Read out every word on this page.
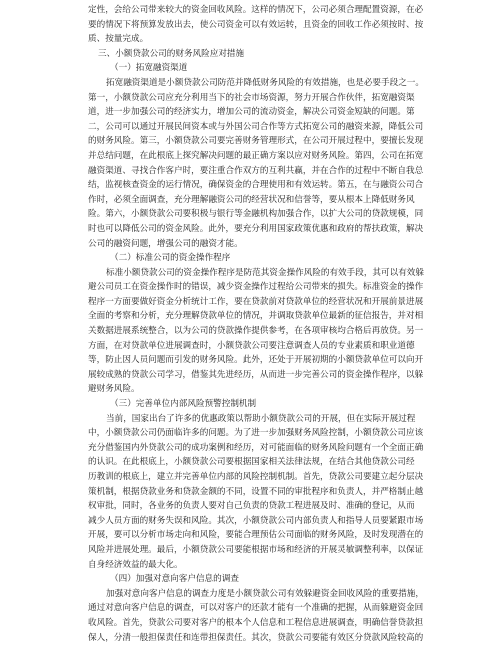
定性，会给公司带来较大的资金回收风险。这样的情况下，公司必须合理配置资源，在必
要的情况下将预算发放出去，使公司资金可以有效运转，且资金的回收工作必须按时、按
质、按量完成。
三、小额贷款公司的财务风险应对措施
（一）拓宽融资渠道
拓宽融资渠道是小额贷款公司防范并降低财务风险的有效措施，也是必要手段之一。
第一，小额贷款公司应充分利用当下的社会市场资源，努力开展合作伙伴，拓宽融资渠
道，进一步加强公司的经济实力，增加公司的流动资金，解决公司资金短缺的问题。第
二，公司可以通过开展民间资本或与外国公司合作等方式拓宽公司的融资来源，降低公司
的财务风险。第三，小额贷款公司要完善财务管理形式，在公司开展过程中，要擅长发现
并总结问题，在此根底上探究解决问题的最正确方案以应对财务风险。第四，公司在拓宽
融资渠道、寻找合作客户时，要注重合作双方的互利共赢，并在合作的过程中不断自我总
结，监视核查资金的运行情况，确保资金的合理使用和有效运转。第五，在与融资公司合
作时，必须全面调查，充分理解融资公司的经营状况和信誉等，要从根本上降低财务风
险。第六，小额贷款公司要积极与银行等金融机构加强合作，以扩大公司的贷款规模，同
时也可以降低公司的资金风险。此外，要充分利用国家政策优惠和政府的帮扶政策，解决
公司的融资问题，增强公司的融资才能。
（二）标准公司的资金操作程序
标准小额贷款公司的资金操作程序是防范其资金操作风险的有效手段，其可以有效躲
避公司员工在资金操作时的错误，减少资金操作过程给公司带来的损失。标准资金的操作
程序一方面要做好资金分析统计工作，要在贷款前对贷款单位的经营状况和开展前景进展
全面的考察和分析，充分理解贷款单位的情况，并调取贷款单位最新的征信报告，并对相
关数据进展系统整合，以为公司的贷款操作提供参考，在各项审核均合格后再放贷。另一
方面，在对贷款单位进展调查时，小额贷款公司要注意调查人员的专业素质和职业道德
等，防止因人员问题而引发的财务风险。此外，还处于开展初期的小额贷款单位可以向开
展较成熟的贷款公司学习，借鉴其先进经历，从而进一步完善公司的资金操作程序，以躲
避财务风险。
（三）完善单位内部风险预警控制机制
当前，国家出台了许多的优惠政策以帮助小额贷款公司的开展，但在实际开展过程
中，小额贷款公司仍面临许多的问题。为了进一步加强财务风险控制，小额贷款公司应该
充分借鉴国内外贷款公司的成功案例和经历，对可能面临的财务风险问题有一个全面正确
的认识。在此根底上，小额贷款公司要根据国家相关法律法规，在结合其他贷款公司经
历教训的根底上，建立并完善单位内部的风险控制机制。首先，贷款公司要建立起分层决
策机制，根据贷款业务和贷款金额的不同，设置不同的审批程序和负责人，并严格制止越
权审批，同时，各业务的负责人要对自己负责的贷款工程进展及时、准确的登记，从而
减少人员方面的财务失误和风险。其次，小额贷款公司内部负责人和指导人员要紧跟市场
开展，要可以分析市场走向和风险，要能合理预估公司面临的财务风险，及时发现潜在的
风险并进展处理。最后，小额贷款公司要能根据市场和经济的开展灵敏调整利率，以保证
自身经济效益的最大化。
（四）加强对意向客户信息的调查
加强对意向客户信息的调查力度是小额贷款公司有效躲避资金回收风险的重要措施，
通过对意向客户信息的调查，可以对客户的还款才能有一个准确的把握，从而躲避资金回
收风险。首先，贷款公司要对客户的根本个人信息和工程信息进展调查，明确信誉贷款担
保人，分清一般担保责任和连带担保责任。其次，贷款公司要能有效区分贷款风险较高的
